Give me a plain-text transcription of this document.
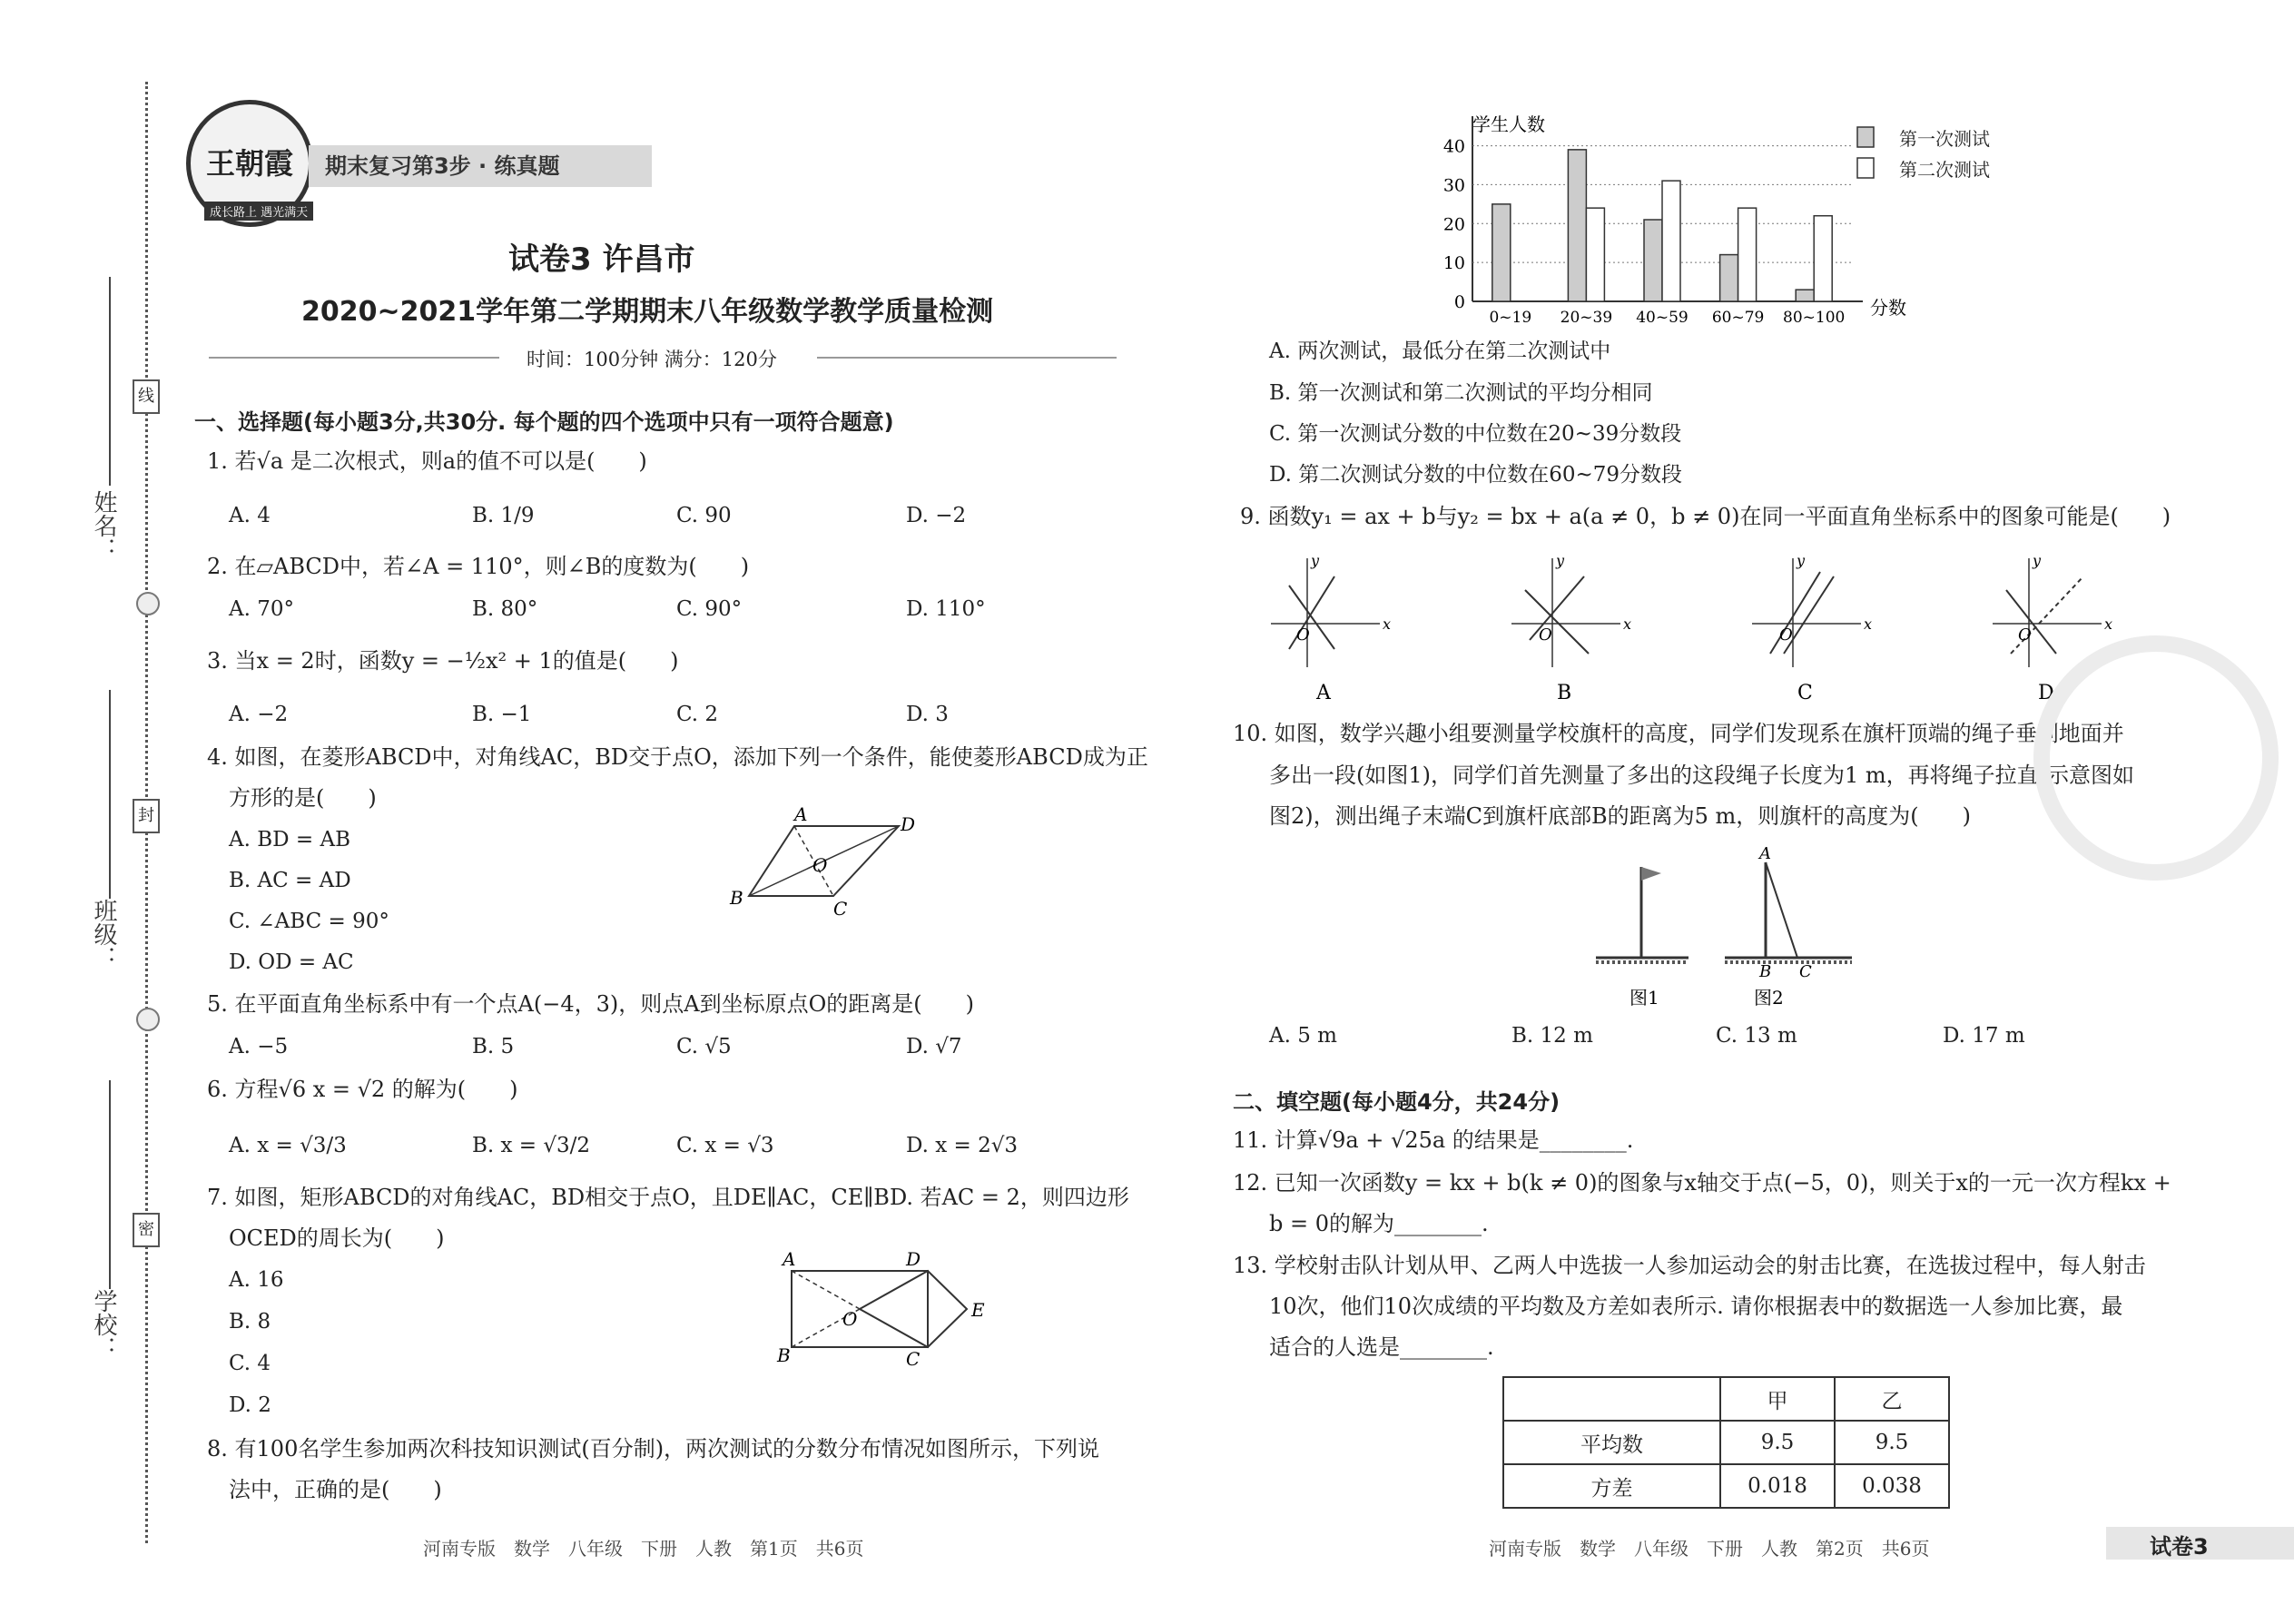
线
封
密
姓名：
班级：
学校：
王朝霞
成长路上 遇光满天
期末复习第3步 · 练真题
试卷3 许昌市
2020~2021学年第二学期期末八年级数学教学质量检测
时间：100分钟 满分：120分
一、选择题(每小题3分,共30分. 每个题的四个选项中只有一项符合题意)
1. 若√a 是二次根式，则a的值不可以是(　　)
A. 4	B. 1/9	C. 90	D. −2
2. 在▱ABCD中，若∠A = 110°，则∠B的度数为(　　)
A. 70°	B. 80°	C. 90°	D. 110°
3. 当x = 2时，函数y = −½x² + 1的值是(　　)
A. −2	B. −1	C. 2	D. 3
4. 如图，在菱形ABCD中，对角线AC，BD交于点O，添加下列一个条件，能使菱形ABCD成为正
方形的是(　　)
A. BD = AB
B. AC = AD
C. ∠ABC = 90°
D. OD = AC
A	D
B	C
O
5. 在平面直角坐标系中有一个点A(−4，3)，则点A到坐标原点O的距离是(　　)
A. −5	B. 5	C. √5	D. √7
6. 方程√6 x = √2 的解为(　　)
A. x = √3/3	B. x = √3/2	C. x = √3	D. x = 2√3
7. 如图，矩形ABCD的对角线AC，BD相交于点O，且DE∥AC，CE∥BD. 若AC = 2，则四边形
OCED的周长为(　　)
A. 16
B. 8
C. 4
D. 2
A	D
B	C
O	E
8. 有100名学生参加两次科技知识测试(百分制)，两次测试的分数分布情况如图所示，下列说
法中，正确的是(　　)
河南专版　数学　八年级　下册　人教　第1页　共6页
学生人数
分数
0
10
20
30
40
0~19 20~39 40~59 60~79 80~100
A. 两次测试，最低分在第二次测试中
B. 第一次测试和第二次测试的平均分相同
C. 第一次测试分数的中位数在20~39分数段
D. 第二次测试分数的中位数在60~79分数段
9. 函数y₁ = ax + b与y₂ = bx + a(a ≠ 0，b ≠ 0)在同一平面直角坐标系中的图象可能是(　　)
x
y
O
A
x
y
O
B
x
y
O
C
x
y
O
D
10. 如图，数学兴趣小组要测量学校旗杆的高度，同学们发现系在旗杆顶端的绳子垂到地面并
多出一段(如图1)，同学们首先测量了多出的这段绳子长度为1 m，再将绳子拉直(示意图如
图2)，测出绳子末端C到旗杆底部B的距离为5 m，则旗杆的高度为(　　)
A
B C
图1	图2
A. 5 m	B. 12 m	C. 13 m	D. 17 m
二、填空题(每小题4分，共24分)
11. 计算√9a + √25a 的结果是________.
12. 已知一次函数y = kx + b(k ≠ 0)的图象与x轴交于点(−5，0)，则关于x的一元一次方程kx +
b = 0的解为________.
13. 学校射击队计划从甲、乙两人中选拔一人参加运动会的射击比赛，在选拔过程中，每人射击
10次，他们10次成绩的平均数及方差如表所示. 请你根据表中的数据选一人参加比赛，最
适合的人选是________.
	甲	乙
平均数	9.5	9.5
方差	0.018	0.038
河南专版　数学　八年级　下册　人教　第2页　共6页	试卷3
第一次测试
第二次测试
